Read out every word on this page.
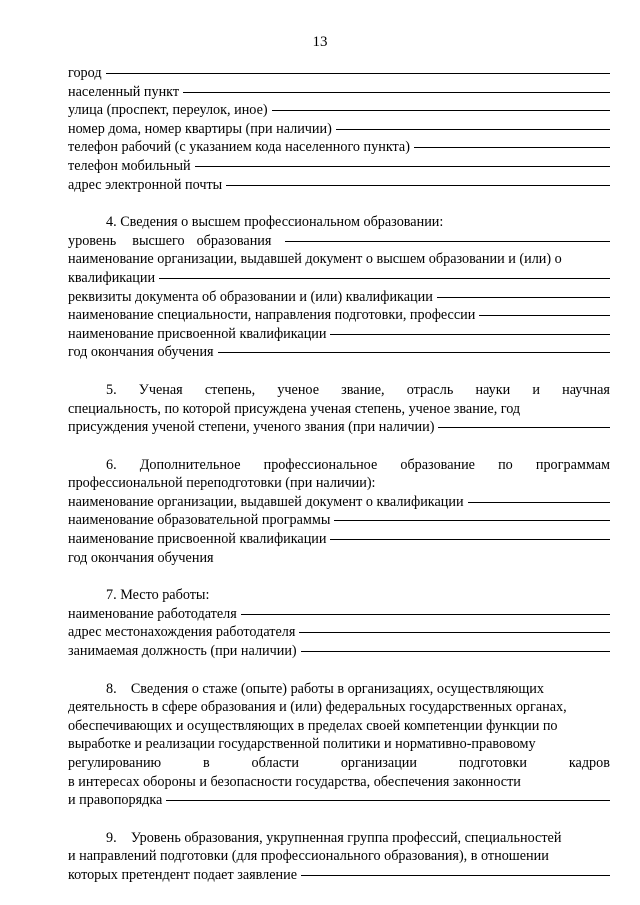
13
город
населенный пункт
улица (проспект, переулок, иное)
номер дома, номер квартиры (при наличии)
телефон рабочий (с указанием кода населенного пункта)
телефон мобильный
адрес электронной почты
4. Сведения о высшем профессиональном образовании:
уровень высшего образования
наименование организации, выдавшей документ о высшем образовании и (или) о
квалификации
реквизиты документа об образовании и (или) квалификации
наименование специальности, направления подготовки, профессии
наименование присвоенной квалификации
год окончания обучения
5. Ученая степень, ученое звание, отрасль науки и научная
специальность, по которой присуждена ученая степень, ученое звание, год
присуждения ученой степени, ученого звания (при наличии)
6. Дополнительное профессиональное образование по программам
профессиональной переподготовки (при наличии):
наименование организации, выдавшей документ о квалификации
наименование образовательной программы
наименование присвоенной квалификации
год окончания обучения
7. Место работы:
наименование работодателя
адрес местонахождения работодателя
занимаемая должность (при наличии)
8.    Сведения о стаже (опыте) работы в организациях, осуществляющих
деятельность в сфере образования и (или) федеральных государственных органах,
обеспечивающих и осуществляющих в пределах своей компетенции функции по
выработке и реализации государственной политики и нормативно-правовому
регулированию	в	области	организации	подготовки	кадров
в интересах обороны и безопасности государства, обеспечения законности
и правопорядка
9.    Уровень образования, укрупненная группа профессий, специальностей
и направлений подготовки (для профессионального образования), в отношении
которых претендент подает заявление
